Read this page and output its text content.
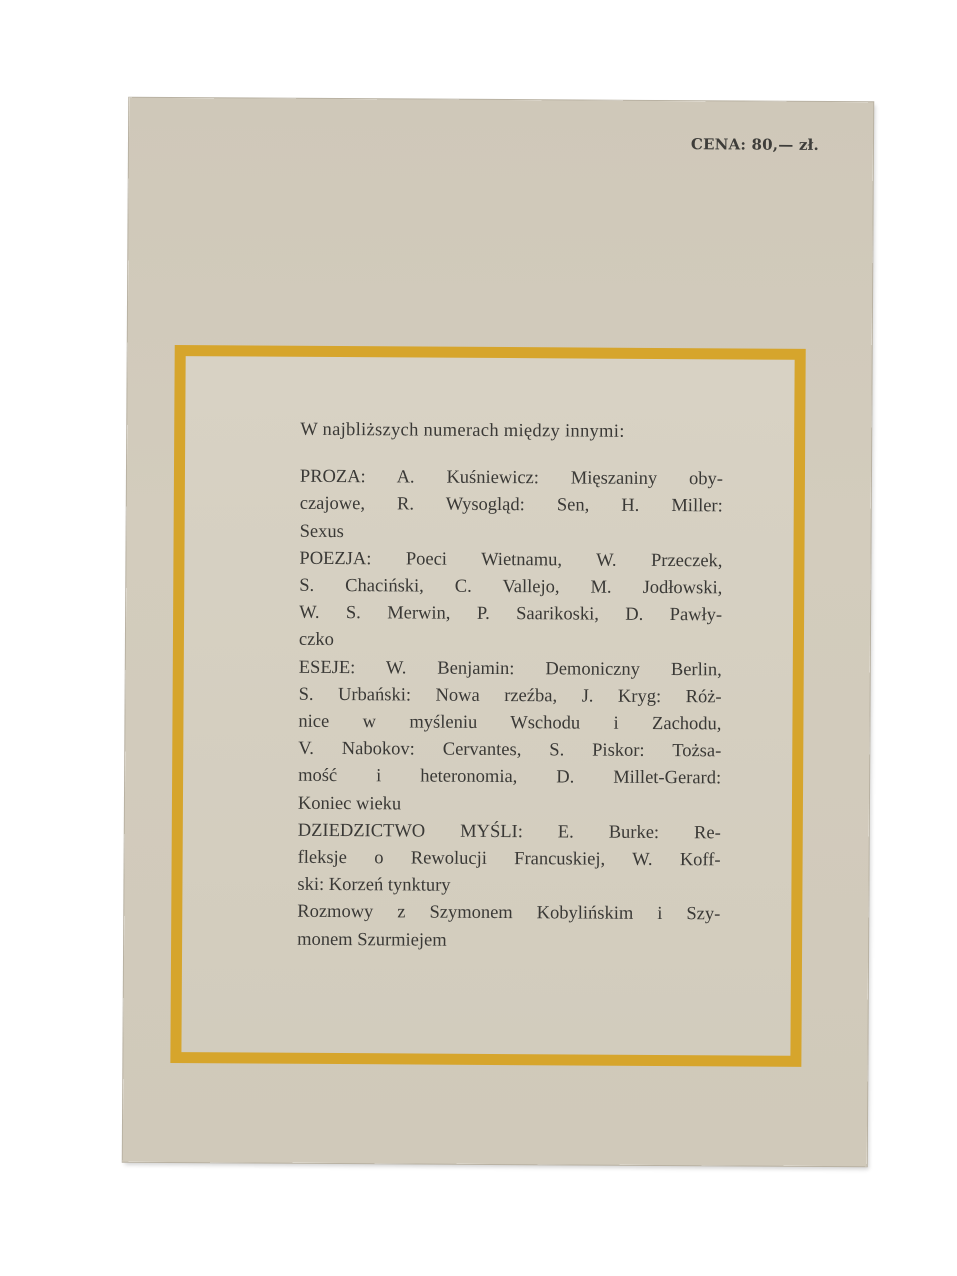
CENA: 80,— zł.
W najbliższych numerach między innymi:
PROZA: A. Kuśniewicz: Mięszaniny oby-
czajowe, R. Wysogląd: Sen, H. Miller:
Sexus
POEZJA: Poeci Wietnamu, W. Przeczek,
S. Chaciński, C. Vallejo, M. Jodłowski,
W. S. Merwin, P. Saarikoski, D. Pawły-
czko
ESEJE: W. Benjamin: Demoniczny Berlin,
S. Urbański: Nowa rzeźba, J. Kryg: Róż-
nice w myśleniu Wschodu i Zachodu,
V. Nabokov: Cervantes, S. Piskor: Tożsa-
mość i heteronomia, D. Millet-Gerard:
Koniec wieku
DZIEDZICTWO MYŚLI: E. Burke: Re-
fleksje o Rewolucji Francuskiej, W. Koff-
ski: Korzeń tynktury
Rozmowy z Szymonem Kobylińskim i Szy-
monem Szurmiejem
